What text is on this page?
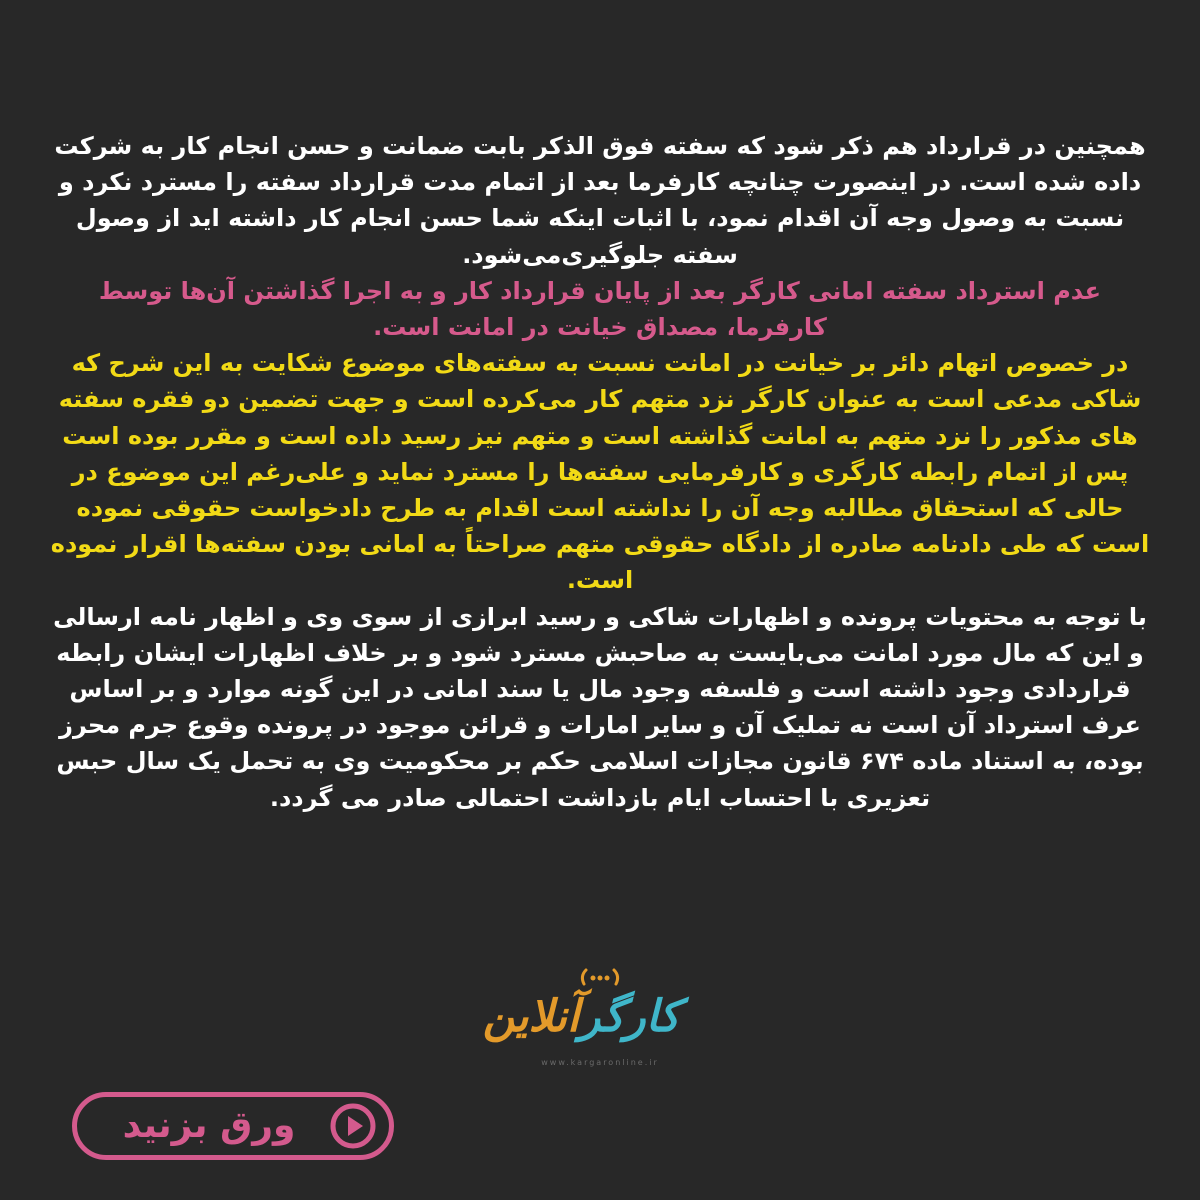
همچنین در قرارداد هم ذکر شود که سفته فوق الذکر بابت ضمانت و حسن انجام کار به شرکت داده شده است. در اینصورت چنانچه کارفرما بعد از اتمام مدت قرارداد سفته را مسترد نکرد و نسبت به وصول وجه آن اقدام نمود، با اثبات اینکه شما حسن انجام کار داشته اید از وصول سفته جلوگیری‌می‌شود.

عدم استرداد سفته امانی کارگر بعد از پایان قرارداد کار و به اجرا گذاشتن آن‌ها توسط کارفرما، مصداق خیانت در امانت است.

در خصوص اتهام دائر بر خیانت در امانت نسبت به سفته‌های موضوع شکایت به این شرح که شاکی مدعی است به عنوان کارگر نزد متهم کار می‌کرده است و جهت تضمین دو فقره سفته های مذکور را نزد متهم به امانت گذاشته است و متهم نیز رسید داده است و مقرر بوده است پس از اتمام رابطه کارگری و کارفرمایی سفته‌ها را مسترد نماید و علی‌رغم این موضوع در حالی که استحقاق مطالبه وجه آن را نداشته است اقدام به طرح دادخواست حقوقی نموده است که طی دادنامه صادره از دادگاه حقوقی متهم صراحتاً به امانی بودن سفته‌ها اقرار نموده است.

با توجه به محتویات پرونده و اظهارات شاکی و رسید ابرازی از سوی وی و اظهار نامه ارسالی و این که مال مورد امانت می‌بایست به صاحبش مسترد شود و بر خلاف اظهارات ایشان رابطه قراردادی وجود داشته است و فلسفه وجود مال یا سند امانی در این گونه موارد و بر اساس عرف استرداد آن است نه تملیک آن و سایر امارات و قرائن موجود در پرونده وقوع جرم محرز بوده، به استناد ماده ۶۷۴ قانون مجازات اسلامی حکم بر محکومیت وی به تحمل یک سال حبس تعزیری با احتساب ایام بازداشت احتمالی صادر می گردد.

کارگرآنلاین
www.kargaronline.ir
ورق بزنید
